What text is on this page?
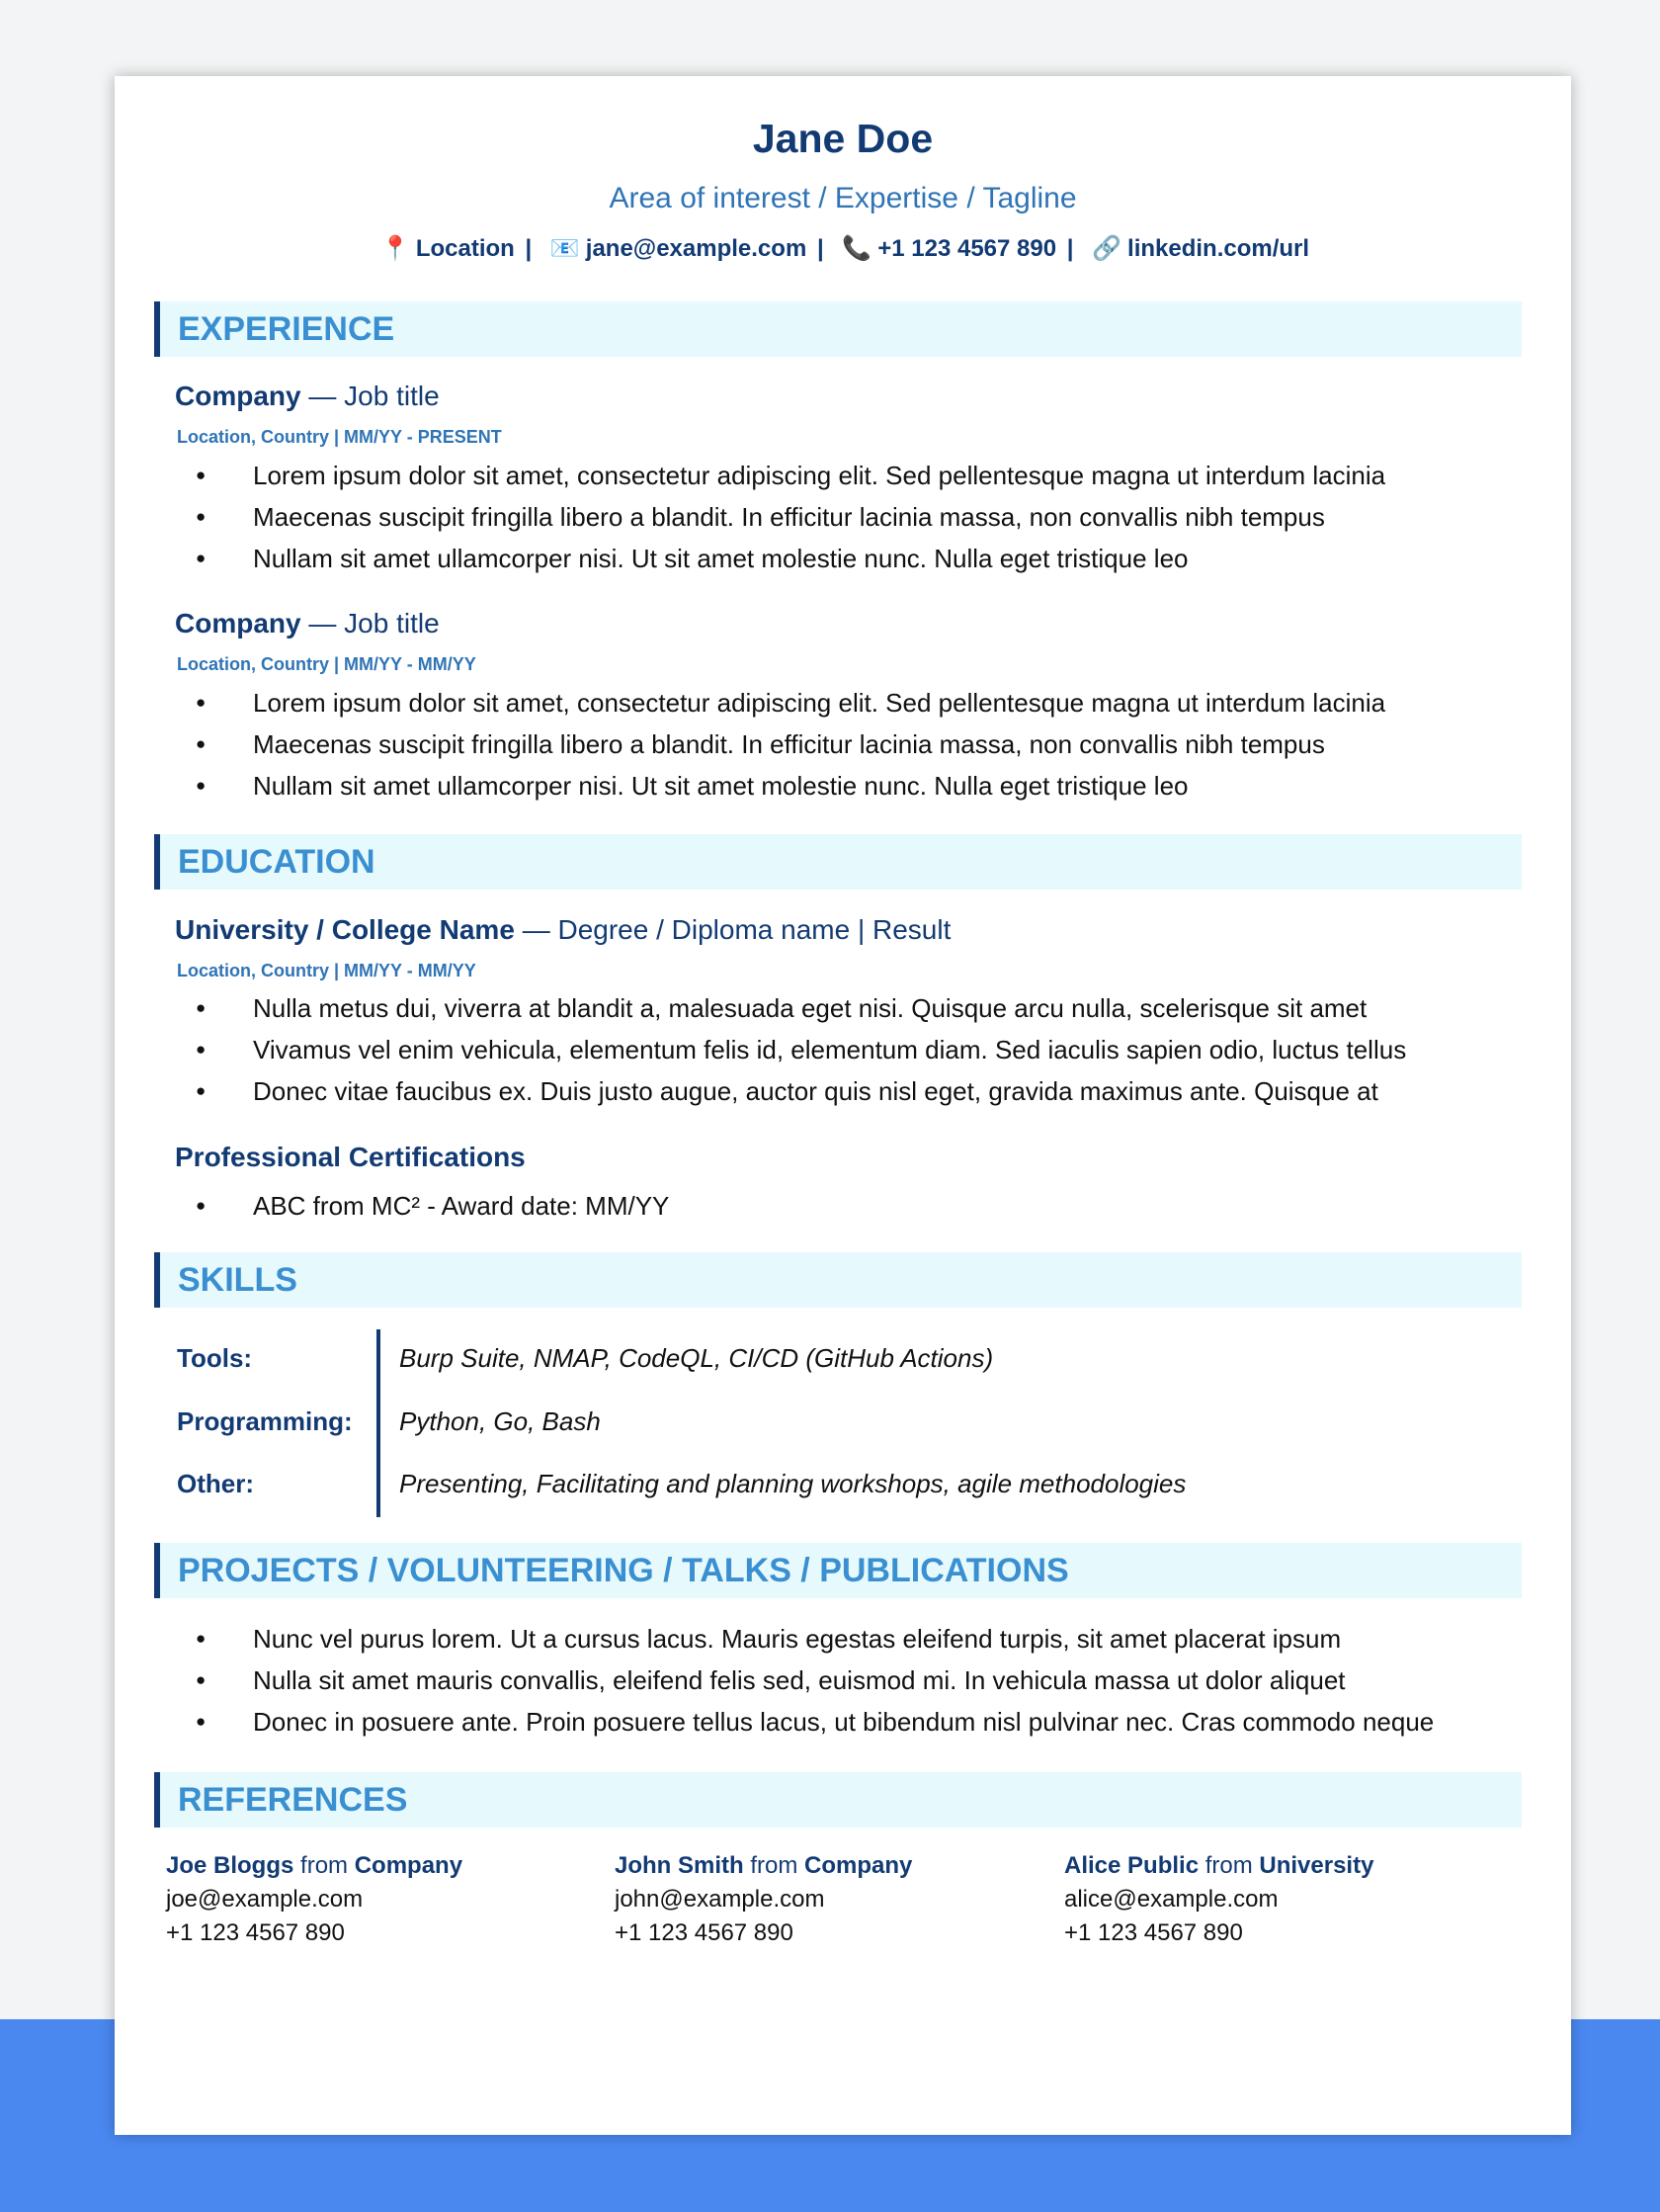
Jane Doe
Area of interest / Expertise / Tagline
📍 Location | 📧 jane@example.com | 📞 +1 123 4567 890 | 🔗 linkedin.com/url
EXPERIENCE
Company — Job title
Location, Country | MM/YY - PRESENT
● Lorem ipsum dolor sit amet, consectetur adipiscing elit. Sed pellentesque magna ut interdum lacinia
● Maecenas suscipit fringilla libero a blandit. In efficitur lacinia massa, non convallis nibh tempus
● Nullam sit amet ullamcorper nisi. Ut sit amet molestie nunc. Nulla eget tristique leo
Company — Job title
Location, Country | MM/YY - MM/YY
● Lorem ipsum dolor sit amet, consectetur adipiscing elit. Sed pellentesque magna ut interdum lacinia
● Maecenas suscipit fringilla libero a blandit. In efficitur lacinia massa, non convallis nibh tempus
● Nullam sit amet ullamcorper nisi. Ut sit amet molestie nunc. Nulla eget tristique leo
EDUCATION
University / College Name — Degree / Diploma name | Result
Location, Country | MM/YY - MM/YY
● Nulla metus dui, viverra at blandit a, malesuada eget nisi. Quisque arcu nulla, scelerisque sit amet
● Vivamus vel enim vehicula, elementum felis id, elementum diam. Sed iaculis sapien odio, luctus tellus
● Donec vitae faucibus ex. Duis justo augue, auctor quis nisl eget, gravida maximus ante. Quisque at
Professional Certifications
● ABC from MC² - Award date: MM/YY
SKILLS
Tools:	Burp Suite, NMAP, CodeQL, CI/CD (GitHub Actions)
Programming: Python, Go, Bash
Other:	Presenting, Facilitating and planning workshops, agile methodologies
PROJECTS / VOLUNTEERING / TALKS / PUBLICATIONS
● Nunc vel purus lorem. Ut a cursus lacus. Mauris egestas eleifend turpis, sit amet placerat ipsum
● Nulla sit amet mauris convallis, eleifend felis sed, euismod mi. In vehicula massa ut dolor aliquet
● Donec in posuere ante. Proin posuere tellus lacus, ut bibendum nisl pulvinar nec. Cras commodo neque
REFERENCES
Joe Bloggs from Company
joe@example.com
+1 123 4567 890
John Smith from Company
john@example.com
+1 123 4567 890
Alice Public from University
alice@example.com
+1 123 4567 890
